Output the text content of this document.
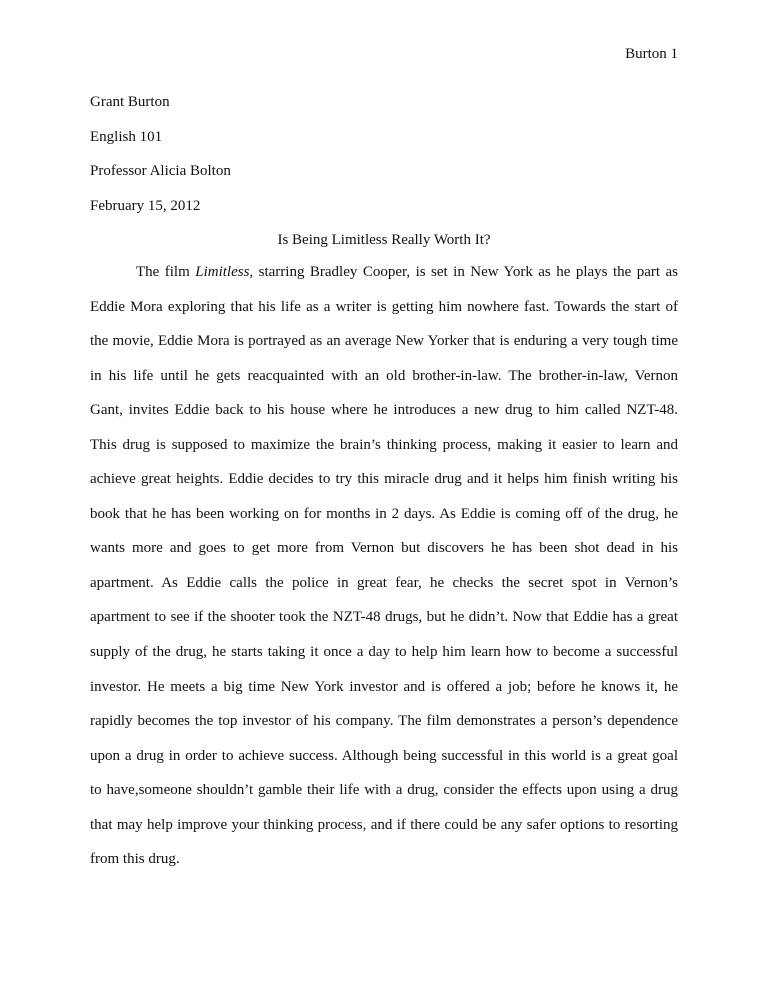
Burton 1
Grant Burton
English 101
Professor Alicia Bolton
February 15, 2012
Is Being Limitless Really Worth It?
The film Limitless, starring Bradley Cooper, is set in New York as he plays the part as
Eddie Mora exploring that his life as a writer is getting him nowhere fast. Towards the start of
the movie, Eddie Mora is portrayed as an average New Yorker that is enduring a very tough time
in his life until he gets reacquainted with an old brother-in-law. The brother-in-law, Vernon
Gant, invites Eddie back to his house where he introduces a new drug to him called NZT-48.
This drug is supposed to maximize the brain’s thinking process, making it easier to learn and
achieve great heights. Eddie decides to try this miracle drug and it helps him finish writing his
book that he has been working on for months in 2 days. As Eddie is coming off of the drug, he
wants more and goes to get more from Vernon but discovers he has been shot dead in his
apartment. As Eddie calls the police in great fear, he checks the secret spot in Vernon’s
apartment to see if the shooter took the NZT-48 drugs, but he didn’t. Now that Eddie has a great
supply of the drug, he starts taking it once a day to help him learn how to become a successful
investor. He meets a big time New York investor and is offered a job; before he knows it, he
rapidly becomes the top investor of his company. The film demonstrates a person’s dependence
upon a drug in order to achieve success. Although being successful in this world is a great goal
to have,someone shouldn’t gamble their life with a drug, consider the effects upon using a drug
that may help improve your thinking process, and if there could be any safer options to resorting
from this drug.
